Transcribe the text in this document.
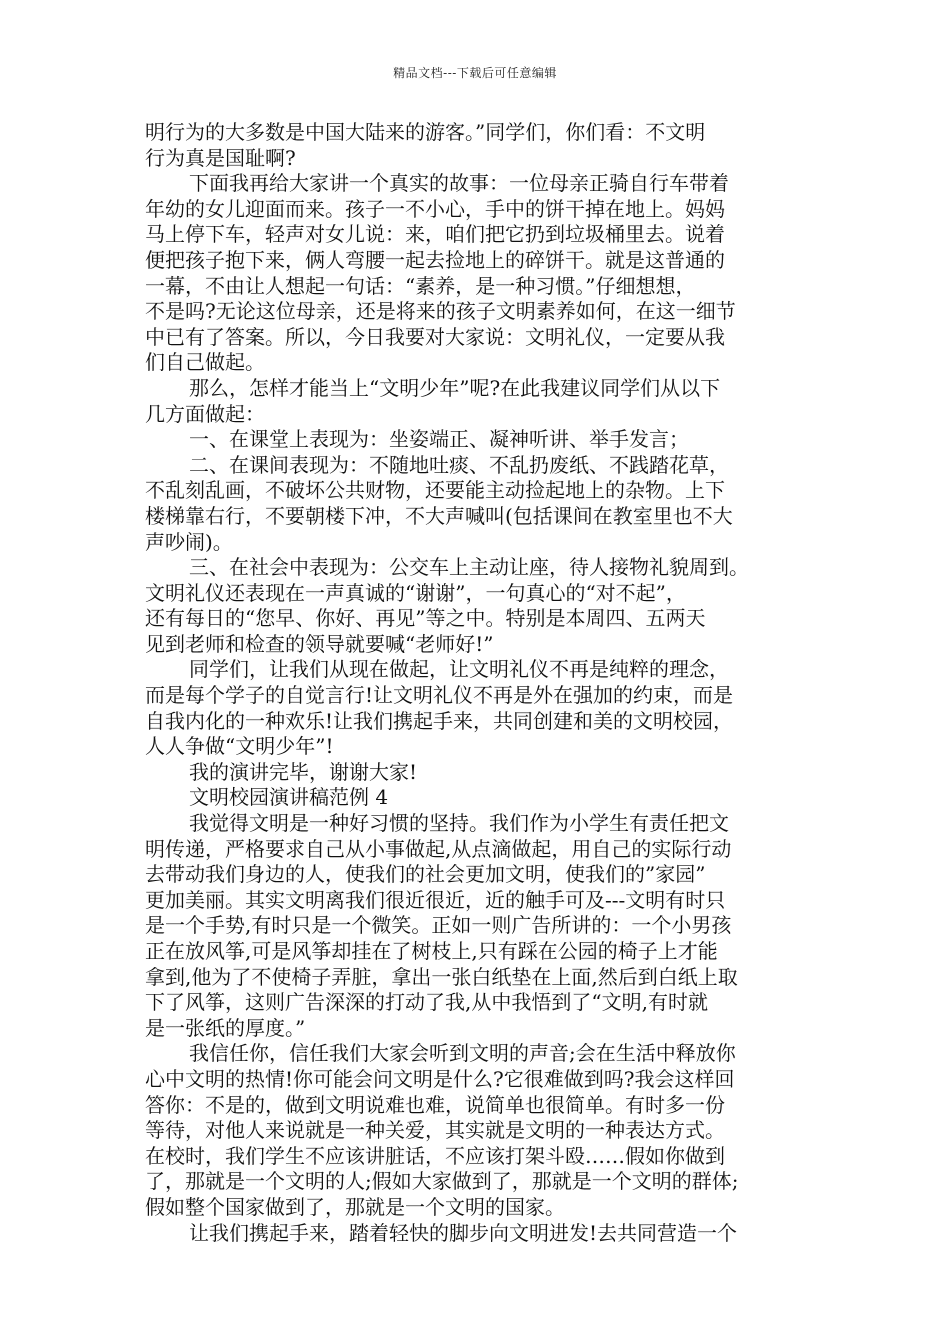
精品文档---下载后可任意编辑
明行为的大多数是中国大陆来的游客。”同学们，你们看：不文明
行为真是国耻啊?
下面我再给大家讲一个真实的故事：一位母亲正骑自行车带着
年幼的女儿迎面而来。孩子一不小心，手中的饼干掉在地上。妈妈
马上停下车，轻声对女儿说：来，咱们把它扔到垃圾桶里去。说着
便把孩子抱下来，俩人弯腰一起去捡地上的碎饼干。就是这普通的
一幕，不由让人想起一句话：“素养，是一种习惯。”仔细想想，
不是吗?无论这位母亲，还是将来的孩子文明素养如何，在这一细节
中已有了答案。所以，今日我要对大家说：文明礼仪，一定要从我
们自己做起。
那么，怎样才能当上“文明少年”呢?在此我建议同学们从以下
几方面做起：
一、在课堂上表现为：坐姿端正、凝神听讲、举手发言；
二、在课间表现为：不随地吐痰、不乱扔废纸、不践踏花草，
不乱刻乱画，不破坏公共财物，还要能主动捡起地上的杂物。上下
楼梯靠右行，不要朝楼下冲，不大声喊叫(包括课间在教室里也不大
声吵闹)。
三、在社会中表现为：公交车上主动让座，待人接物礼貌周到。
文明礼仪还表现在一声真诚的“谢谢”，一句真心的“对不起”，
还有每日的“您早、你好、再见”等之中。特别是本周四、五两天
见到老师和检查的领导就要喊“老师好!”
同学们，让我们从现在做起，让文明礼仪不再是纯粹的理念，
而是每个学子的自觉言行!让文明礼仪不再是外在强加的约束，而是
自我内化的一种欢乐!让我们携起手来，共同创建和美的文明校园，
人人争做“文明少年”!
我的演讲完毕，谢谢大家!
文明校园演讲稿范例 4
我觉得文明是一种好习惯的坚持。我们作为小学生有责任把文
明传递，严格要求自己从小事做起,从点滴做起，用自己的实际行动
去带动我们身边的人，使我们的社会更加文明，使我们的”家园”
更加美丽。其实文明离我们很近很近，近的触手可及---文明有时只
是一个手势,有时只是一个微笑。正如一则广告所讲的：一个小男孩
正在放风筝,可是风筝却挂在了树枝上,只有踩在公园的椅子上才能
拿到,他为了不使椅子弄脏，拿出一张白纸垫在上面,然后到白纸上取
下了风筝，这则广告深深的打动了我,从中我悟到了“文明,有时就
是一张纸的厚度。”
我信任你，信任我们大家会听到文明的声音;会在生活中释放你
心中文明的热情!你可能会问文明是什么?它很难做到吗?我会这样回
答你：不是的，做到文明说难也难，说简单也很简单。有时多一份
等待，对他人来说就是一种关爱，其实就是文明的一种表达方式。
在校时，我们学生不应该讲脏话，不应该打架斗殴……假如你做到
了，那就是一个文明的人;假如大家做到了，那就是一个文明的群体;
假如整个国家做到了，那就是一个文明的国家。
让我们携起手来，踏着轻快的脚步向文明进发!去共同营造一个
